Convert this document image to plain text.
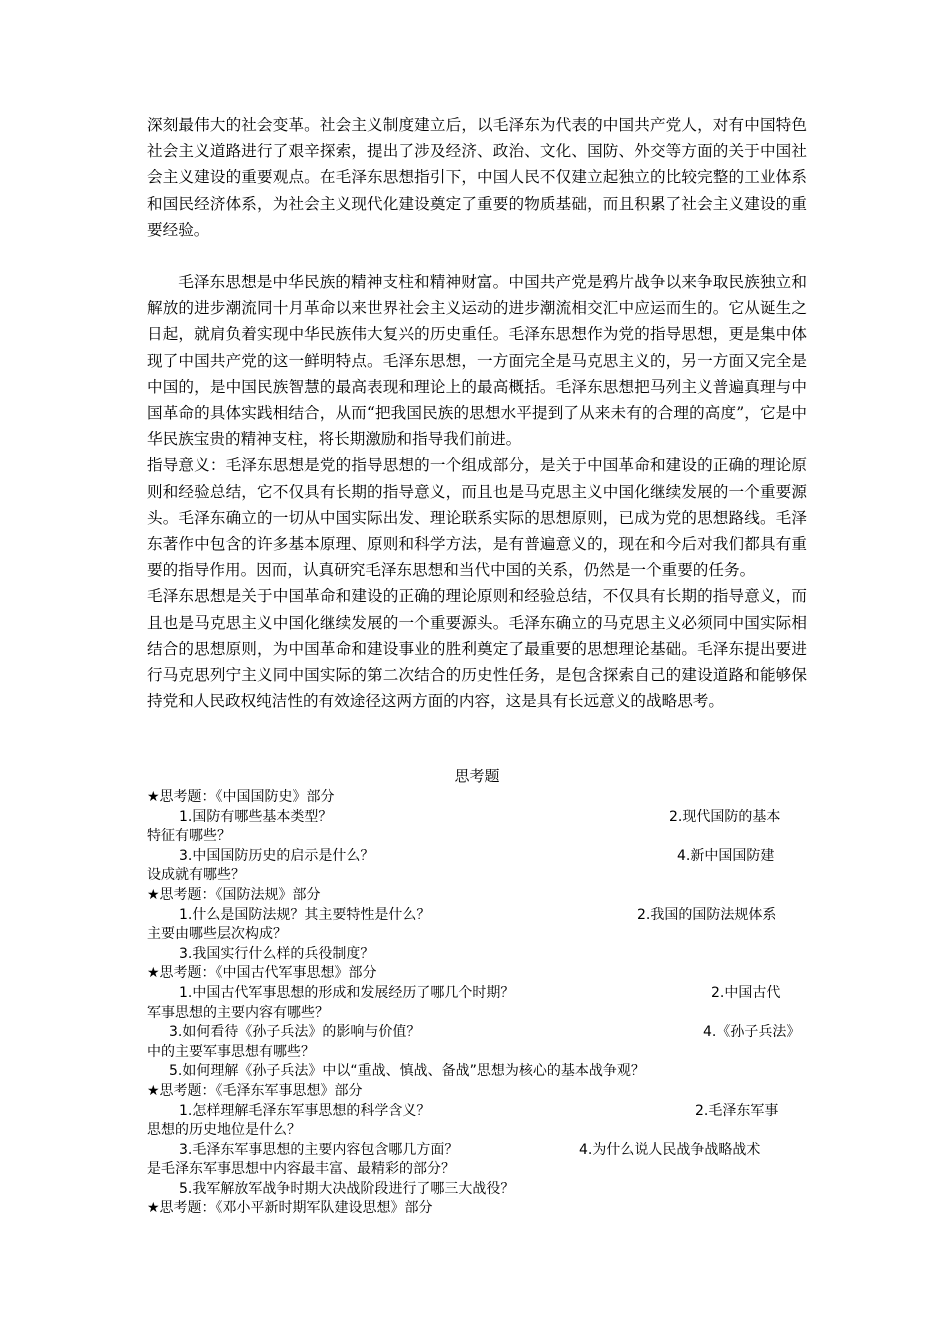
深刻最伟大的社会变革。社会主义制度建立后，以毛泽东为代表的中国共产党人，对有中国特色社会主义道路进行了艰辛探索，提出了涉及经济、政治、文化、国防、外交等方面的关于中国社会主义建设的重要观点。在毛泽东思想指引下，中国人民不仅建立起独立的比较完整的工业体系和国民经济体系，为社会主义现代化建设奠定了重要的物质基础，而且积累了社会主义建设的重要经验。

毛泽东思想是中华民族的精神支柱和精神财富。中国共产党是鸦片战争以来争取民族独立和解放的进步潮流同十月革命以来世界社会主义运动的进步潮流相交汇中应运而生的。它从诞生之日起，就肩负着实现中华民族伟大复兴的历史重任。毛泽东思想作为党的指导思想，更是集中体现了中国共产党的这一鲜明特点。毛泽东思想，一方面完全是马克思主义的，另一方面又完全是中国的，是中国民族智慧的最高表现和理论上的最高概括。毛泽东思想把马列主义普遍真理与中国革命的具体实践相结合，从而“把我国民族的思想水平提到了从来未有的合理的高度”，它是中华民族宝贵的精神支柱，将长期激励和指导我们前进。

指导意义：毛泽东思想是党的指导思想的一个组成部分，是关于中国革命和建设的正确的理论原则和经验总结，它不仅具有长期的指导意义，而且也是马克思主义中国化继续发展的一个重要源头。毛泽东确立的一切从中国实际出发、理论联系实际的思想原则，已成为党的思想路线。毛泽东著作中包含的许多基本原理、原则和科学方法，是有普遍意义的，现在和今后对我们都具有重要的指导作用。因而，认真研究毛泽东思想和当代中国的关系，仍然是一个重要的任务。

毛泽东思想是关于中国革命和建设的正确的理论原则和经验总结，不仅具有长期的指导意义，而且也是马克思主义中国化继续发展的一个重要源头。毛泽东确立的马克思主义必须同中国实际相结合的思想原则，为中国革命和建设事业的胜利奠定了最重要的思想理论基础。毛泽东提出要进行马克思列宁主义同中国实际的第二次结合的历史性任务，是包含探索自己的建设道路和能够保持党和人民政权纯洁性的有效途径这两方面的内容，这是具有长远意义的战略思考。

思考题
★思考题：《中国国防史》部分
1.国防有哪些基本类型？	2.现代国防的基本
特征有哪些？
3.中国国防历史的启示是什么？	4.新中国国防建
设成就有哪些？
★思考题：《国防法规》部分
1.什么是国防法规？其主要特性是什么？	2.我国的国防法规体系
主要由哪些层次构成？
3.我国实行什么样的兵役制度？
★思考题：《中国古代军事思想》部分
1.中国古代军事思想的形成和发展经历了哪几个时期？	2.中国古代
军事思想的主要内容有哪些？
3.如何看待《孙子兵法》的影响与价值？	4.《孙子兵法》
中的主要军事思想有哪些？
5.如何理解《孙子兵法》中以“重战、慎战、备战”思想为核心的基本战争观？
★思考题：《毛泽东军事思想》部分
1.怎样理解毛泽东军事思想的科学含义？	2.毛泽东军事
思想的历史地位是什么？
3.毛泽东军事思想的主要内容包含哪几方面？	4.为什么说人民战争战略战术
是毛泽东军事思想中内容最丰富、最精彩的部分？
5.我军解放军战争时期大决战阶段进行了哪三大战役？
★思考题：《邓小平新时期军队建设思想》部分
